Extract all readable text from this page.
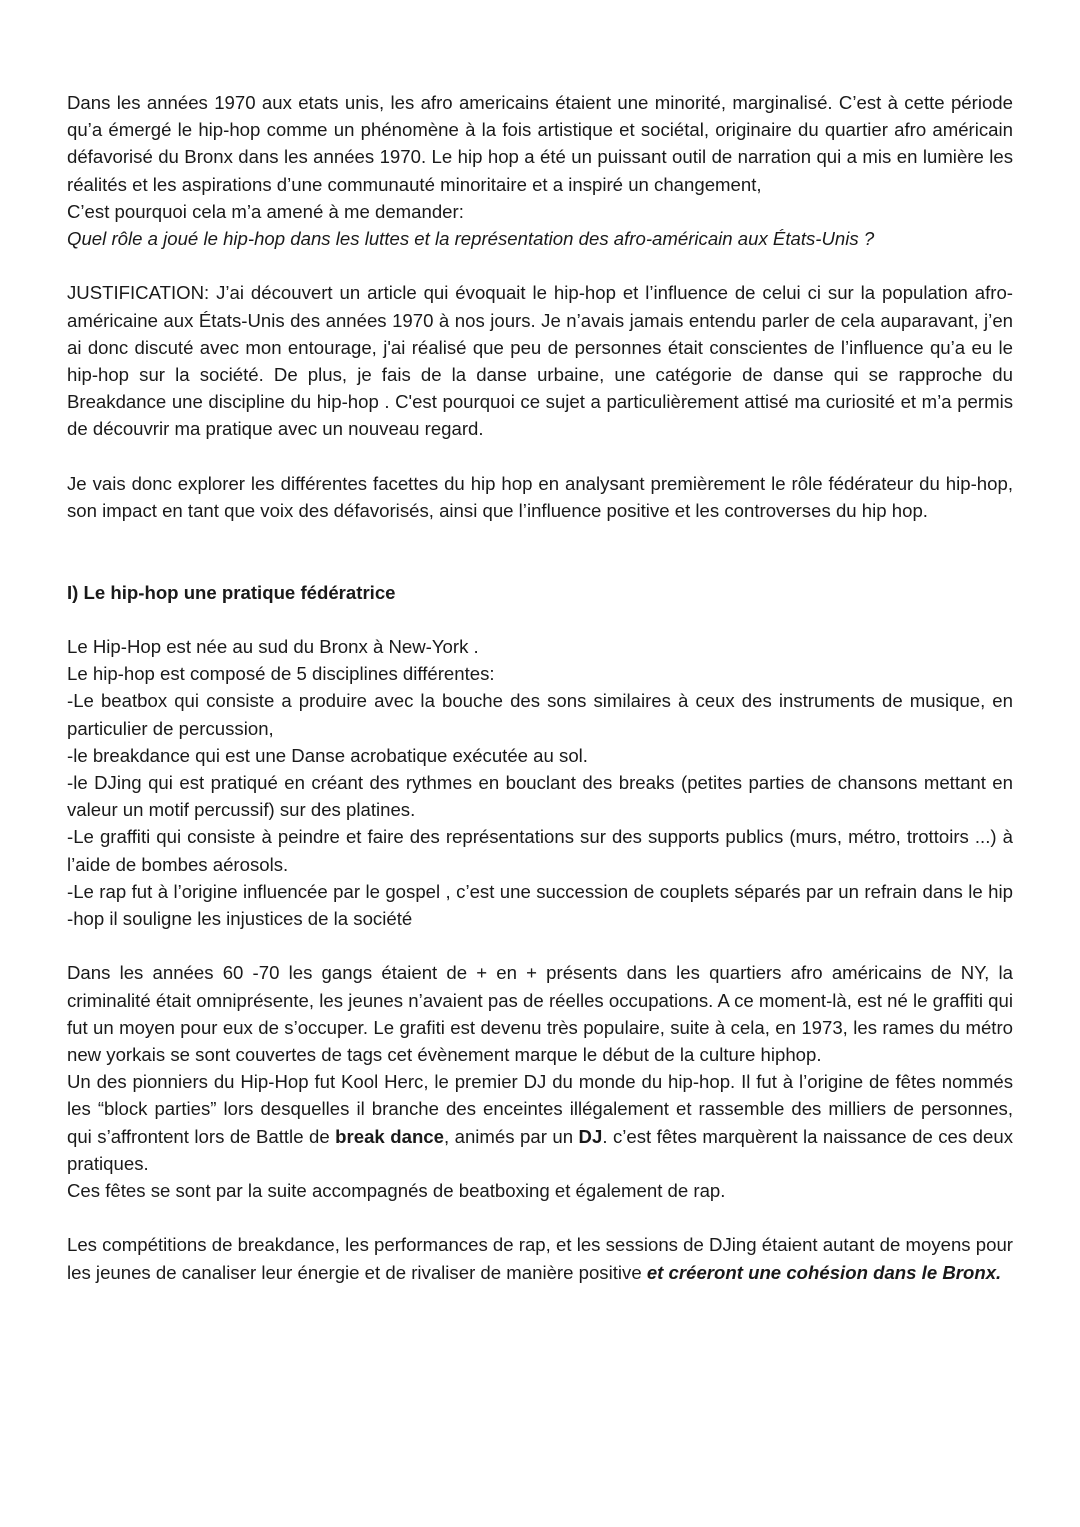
Dans les années 1970 aux etats unis, les afro americains étaient une minorité, marginalisé. C’est à cette période qu’a émergé le hip-hop comme un phénomène à la fois artistique et sociétal, originaire du quartier afro américain défavorisé du Bronx dans les années 1970. Le hip hop a été un puissant outil de narration qui a mis en lumière les réalités et les aspirations d’une communauté minoritaire et a inspiré un changement,

C’est pourquoi cela m’a amené à me demander:

Quel rôle a joué le hip-hop dans les luttes et la représentation des afro-américain aux États-Unis ?

JUSTIFICATION: J’ai découvert un article qui évoquait le hip-hop et l’influence de celui ci sur la population afro-américaine aux États-Unis des années 1970 à nos jours. Je n’avais jamais entendu parler de cela auparavant, j’en ai donc discuté avec mon entourage, j'ai réalisé que peu de personnes était conscientes de l’influence qu’a eu le hip-hop sur la société. De plus, je fais de la danse urbaine, une catégorie de danse qui se rapproche du Breakdance une discipline du hip-hop . C'est pourquoi ce sujet a particulièrement attisé ma curiosité et m’a permis de découvrir ma pratique avec un nouveau regard.

Je vais donc explorer les différentes facettes du hip hop en analysant premièrement le rôle fédérateur du hip-hop, son impact en tant que voix des défavorisés, ainsi que l’influence positive et les controverses du hip hop.

I) Le hip-hop une pratique fédératrice

Le Hip-Hop est née au sud du Bronx à New-York .

Le hip-hop est composé de 5 disciplines différentes:

-Le beatbox qui consiste a produire avec la bouche des sons similaires à ceux des instruments de musique, en particulier de percussion,

-le breakdance qui est une Danse acrobatique exécutée au sol.

-le DJing qui est pratiqué en créant des rythmes en bouclant des breaks (petites parties de chansons mettant en valeur un motif percussif) sur des platines.

-Le graffiti qui consiste à peindre et faire des représentations sur des supports publics (murs, métro, trottoirs ...) à l’aide de bombes aérosols.

-Le rap fut à l’origine influencée par le gospel , c’est une succession de couplets séparés par un refrain dans le hip -hop il souligne les injustices de la société

Dans les années 60 -70 les gangs étaient de + en + présents dans les quartiers afro américains de NY, la criminalité était omniprésente, les jeunes n’avaient pas de réelles occupations. A ce moment-là, est né le graffiti qui fut un moyen pour eux de s’occuper. Le grafiti est devenu très populaire, suite à cela, en 1973, les rames du métro new yorkais se sont couvertes de tags cet évènement marque le début de la culture hiphop.

Un des pionniers du Hip-Hop fut Kool Herc, le premier DJ du monde du hip-hop. Il fut à l’origine de fêtes nommés les “block parties” lors desquelles il branche des enceintes illégalement et rassemble des milliers de personnes, qui s’affrontent lors de Battle de break dance, animés par un DJ. c’est fêtes marquèrent la naissance de ces deux pratiques.

Ces fêtes se sont par la suite accompagnés de beatboxing et également de rap.

Les compétitions de breakdance, les performances de rap, et les sessions de DJing étaient autant de moyens pour les jeunes de canaliser leur énergie et de rivaliser de manière positive et créeront une cohésion dans le Bronx.
